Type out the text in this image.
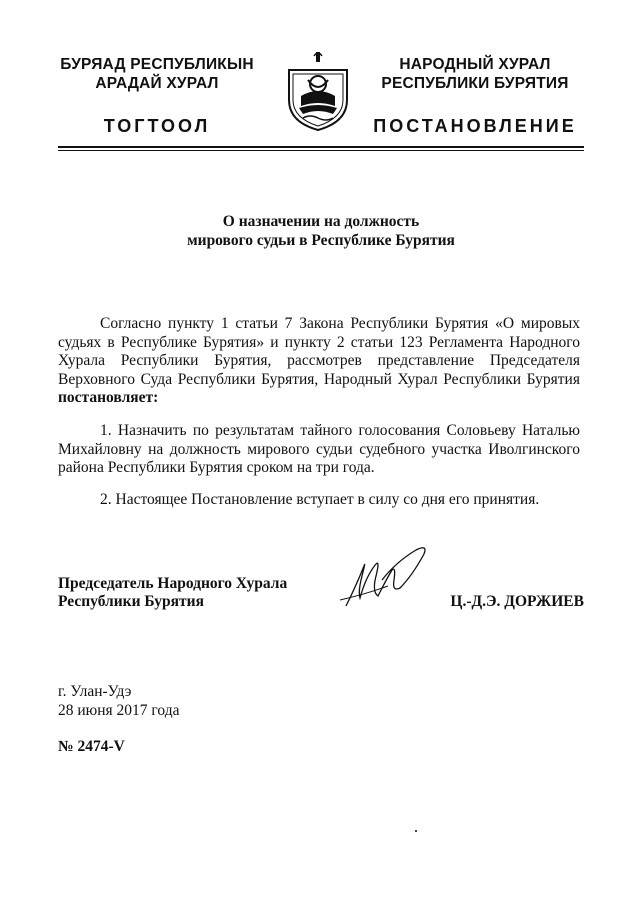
БУРЯАД РЕСПУБЛИКЫН
АРАДАЙ ХУРАЛ
ТОГТООЛ
НАРОДНЫЙ ХУРАЛ
РЕСПУБЛИКИ БУРЯТИЯ
ПОСТАНОВЛЕНИЕ
О назначении на должность
мирового судьи в Республике Бурятия
Согласно пункту 1 статьи 7 Закона Республики Бурятия «О мировых судьях в Республике Бурятия» и пункту 2 статьи 123 Регламента Народного Хурала Республики Бурятия, рассмотрев представление Председателя Верховного Суда Республики Бурятия, Народный Хурал Республики Бурятия постановляет:
1. Назначить по результатам тайного голосования Соловьеву Наталью Михайловну на должность мирового судьи судебного участка Иволгинского района Республики Бурятия сроком на три года.
2. Настоящее Постановление вступает в силу со дня его принятия.
Председатель Народного Хурала
Республики Бурятия	Ц.-Д.Э. ДОРЖИЕВ
г. Улан-Удэ
28 июня 2017 года
№ 2474-V
